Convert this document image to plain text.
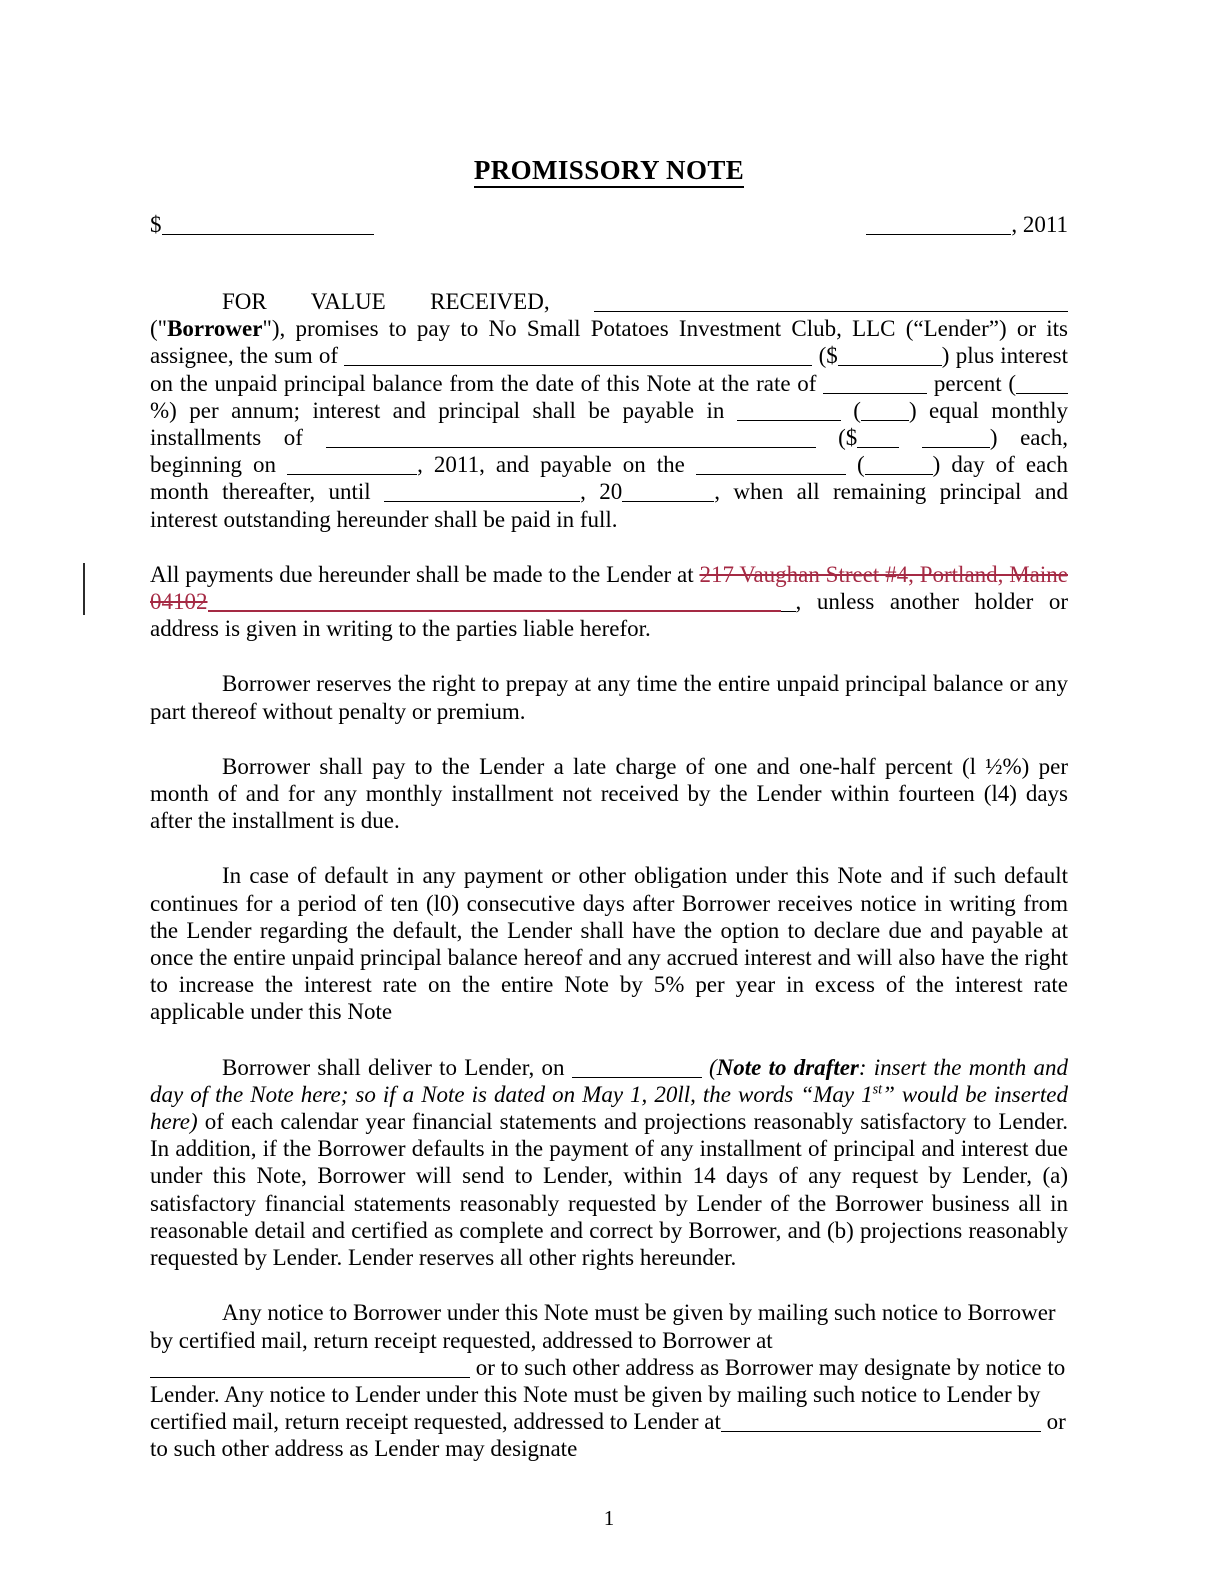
PROMISSORY NOTE
$	, 2011

FOR VALUE RECEIVED, ("Borrower"), promises to pay to No Small Potatoes Investment Club, LLC (“Lender”) or its assignee, the sum of	($	) plus interest on the unpaid principal balance from the date of this Note at the rate of	percent (%) per annum; interest and principal shall be payable in	( ) equal monthly installments of	($	) each, beginning on	, 2011, and payable on the	(	) day of each month thereafter, until	, 20	, when all remaining principal and interest outstanding hereunder shall be paid in full.

All payments due hereunder shall be made to the Lender at 217 Vaughan Street #4, Portland, Maine 04102	, unless another holder or address is given in writing to the parties liable herefor.

Borrower reserves the right to prepay at any time the entire unpaid principal balance or any part thereof without penalty or premium.

Borrower shall pay to the Lender a late charge of one and one-half percent (l ½%) per month of and for any monthly installment not received by the Lender within fourteen (l4) days after the installment is due.

In case of default in any payment or other obligation under this Note and if such default continues for a period of ten (l0) consecutive days after Borrower receives notice in writing from the Lender regarding the default, the Lender shall have the option to declare due and payable at once the entire unpaid principal balance hereof and any accrued interest and will also have the right to increase the interest rate on the entire Note by 5% per year in excess of the interest rate applicable under this Note

Borrower shall deliver to Lender, on	(Note to drafter: insert the month and day of the Note here; so if a Note is dated on May 1, 20ll, the words “May 1st” would be inserted here) of each calendar year financial statements and projections reasonably satisfactory to Lender. In addition, if the Borrower defaults in the payment of any installment of principal and interest due under this Note, Borrower will send to Lender, within 14 days of any request by Lender, (a) satisfactory financial statements reasonably requested by Lender of the Borrower business all in reasonable detail and certified as complete and correct by Borrower, and (b) projections reasonably requested by Lender. Lender reserves all other rights hereunder.

Any notice to Borrower under this Note must be given by mailing such notice to Borrower by certified mail, return receipt requested, addressed to Borrower at or to such other address as Borrower may designate by notice to Lender. Any notice to Lender under this Note must be given by mailing such notice to Lender by certified mail, return receipt requested, addressed to Lender at	or to such other address as Lender may designate

1
